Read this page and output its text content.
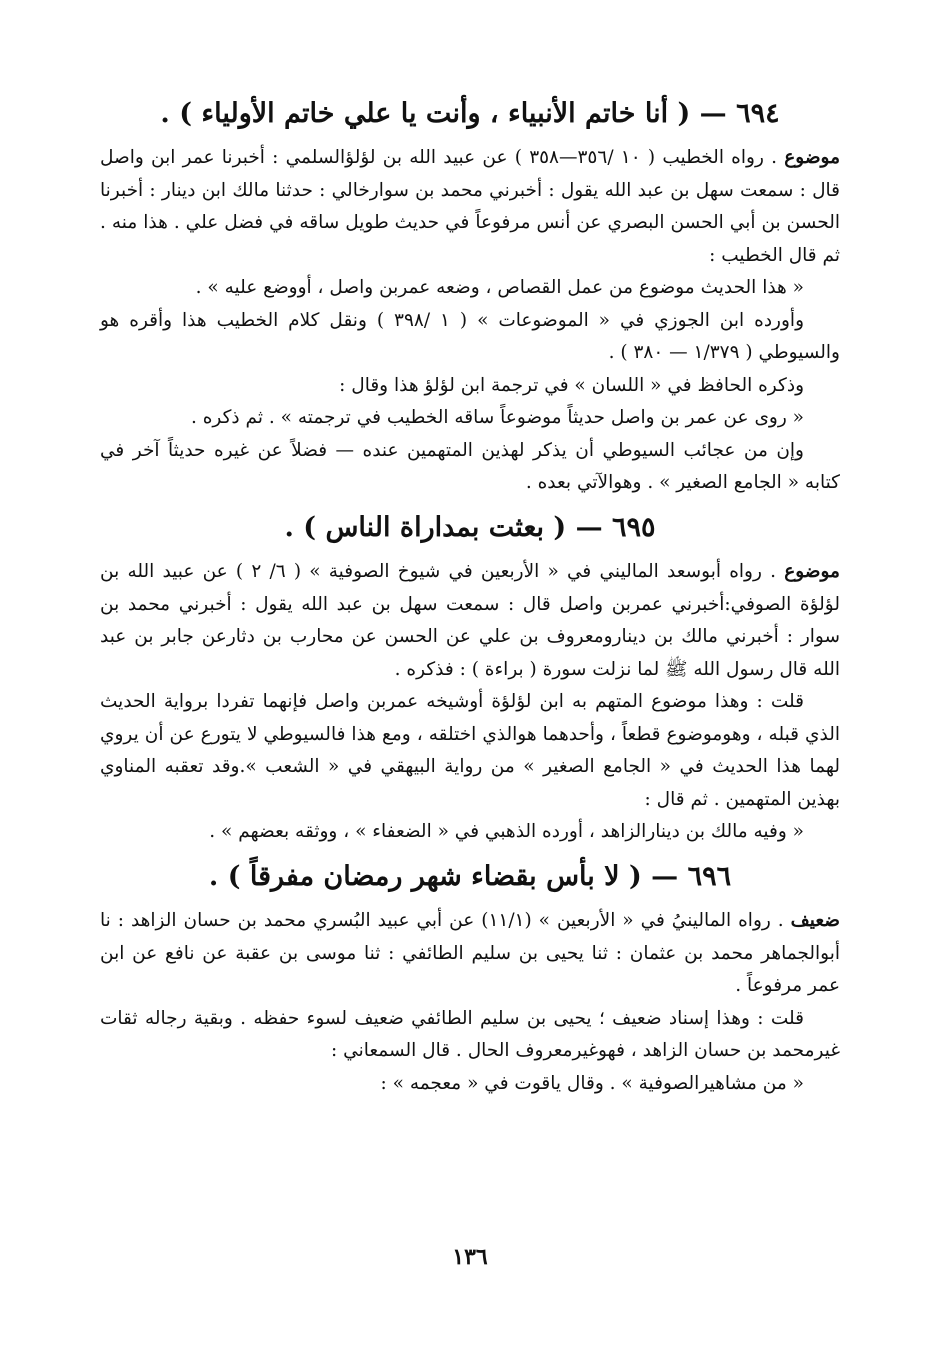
٦٩٤ — ( أنا خاتم الأنبياء ، وأنت يا علي خاتم الأولياء ) .

موضوع . رواه الخطيب ( ١٠ /٣٥٦—٣٥٨ ) عن عبيد الله بن لؤلؤالسلمي : أخبرنا عمر ابن واصل قال : سمعت سهل بن عبد الله يقول : أخبرني محمد بن سوارخالي : حدثنا مالك ابن دينار : أخبرنا الحسن بن أبي الحسن البصري عن أنس مرفوعاً في حديث طويل ساقه في فضل علي . هذا منه . ثم قال الخطيب :

« هذا الحديث موضوع من عمل القصاص ، وضعه عمربن واصل ، أووضع عليه » .

وأورده ابن الجوزي في « الموضوعات » ( ١ /٣٩٨ ) ونقل كلام الخطيب هذا وأقره هو والسيوطي ( ١/٣٧٩ — ٣٨٠ ) .

وذكره الحافظ في « اللسان » في ترجمة ابن لؤلؤ هذا وقال :

« روى عن عمر بن واصل حديثاً موضوعاً ساقه الخطيب في ترجمته » . ثم ذكره .

وإن من عجائب السيوطي أن يذكر لهذين المتهمين عنده — فضلاً عن غيره حديثاً آخر في كتابه « الجامع الصغير » . وهوالآتي بعده .

٦٩٥ — ( بعثت بمداراة الناس ) .

موضوع . رواه أبوسعد الماليني في « الأربعين في شيوخ الصوفية » ( ٦/ ٢ ) عن عبيد الله بن لؤلؤة الصوفي:أخبرني عمربن واصل قال : سمعت سهل بن عبد الله يقول : أخبرني محمد بن سوار : أخبرني مالك بن دينارومعروف بن علي عن الحسن عن محارب بن دثارعن جابر بن عبد الله قال رسول الله ﷺ لما نزلت سورة ( براءة ) : فذكره .

قلت : وهذا موضوع المتهم به ابن لؤلؤة أوشيخه عمربن واصل فإنهما تفردا برواية الحديث الذي قبله ، وهوموضوع قطعاً ، وأحدهما هوالذي اختلقه ، ومع هذا فالسيوطي لا يتورع عن أن يروي لهما هذا الحديث في « الجامع الصغير » من رواية البيهقي في « الشعب ».وقد تعقبه المناوي بهذين المتهمين . ثم قال :

« وفيه مالك بن دينارالزاهد ، أورده الذهبي في « الضعفاء » ، ووثقه بعضهم » .

٦٩٦ — ( لا بأس بقضاء شهر رمضان مفرقاً ) .

ضعيف . رواه المالينيُ في « الأربعين » (١١/١) عن أبي عبيد البُسري محمد بن حسان الزاهد : نا أبوالجماهر محمد بن عثمان : ثنا يحيى بن سليم الطائفي : ثنا موسى بن عقبة عن نافع عن ابن عمر مرفوعاً .

قلت : وهذا إسناد ضعيف ؛ يحيى بن سليم الطائفي ضعيف لسوء حفظه . وبقية رجاله ثقات غيرمحمد بن حسان الزاهد ، فهوغيرمعروف الحال . قال السمعاني :

« من مشاهيرالصوفية » . وقال ياقوت في « معجمه » :

١٣٦
